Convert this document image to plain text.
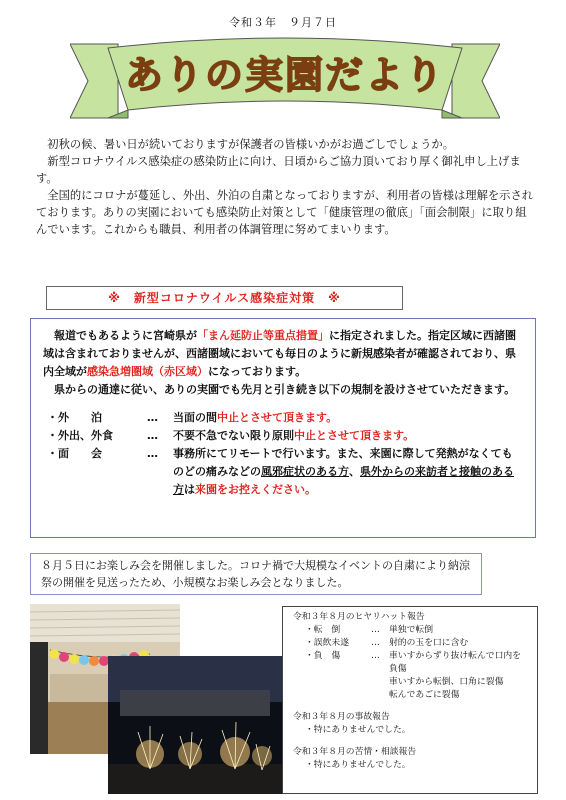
令和３年　９月７日
ありの実園だより

初秋の候、暑い日が続いておりますが保護者の皆様いかがお過ごしでしょうか。

新型コロナウイルス感染症の感染防止に向け、日頃からご協力頂いており厚く御礼申し上げます。

全国的にコロナが蔓延し、外出、外泊の自粛となっておりますが、利用者の皆様は理解を示されております。ありの実園においても感染防止対策として「健康管理の徹底」「面会制限」に取り組んでいます。これからも職員、利用者の体調管理に努めてまいります。

※　新型コロナウイルス感染症対策　※

報道でもあるように宮崎県が「まん延防止等重点措置」に指定されました。指定区域に西諸圏域は含まれておりませんが、西諸圏域においても毎日のように新規感染者が確認されており、県内全域が感染急増圏域（赤区域）になっております。

県からの通達に従い、ありの実園でも先月と引き続き以下の規制を設けさせていただきます。

・外　　泊	…	当面の間中止とさせて頂きます。
・外出、外食	…	不要不急でない限り原則中止とさせて頂きます。
・面　　会	…	事務所にてリモートで行います。また、来園に際して発熱がなくてものどの痛みなどの風邪症状のある方、県外からの来訪者と接触のある方は来園をお控えください。
８月５日にお楽しみ会を開催しました。コロナ禍で大規模なイベントの自粛により納涼祭の開催を見送ったため、小規模なお楽しみ会となりました。
令和３年８月のヒヤリハット報告
・転　倒	…	単独で転倒
・誤飲未遂	…	射的の玉を口に含む
・負　傷	…	車いすからずり抜け転んで口内を負傷
車いすから転倒、口角に裂傷
転んであごに裂傷
令和３年８月の事故報告
・特にありませんでした。
令和３年８月の苦情・相談報告
・特にありませんでした。
